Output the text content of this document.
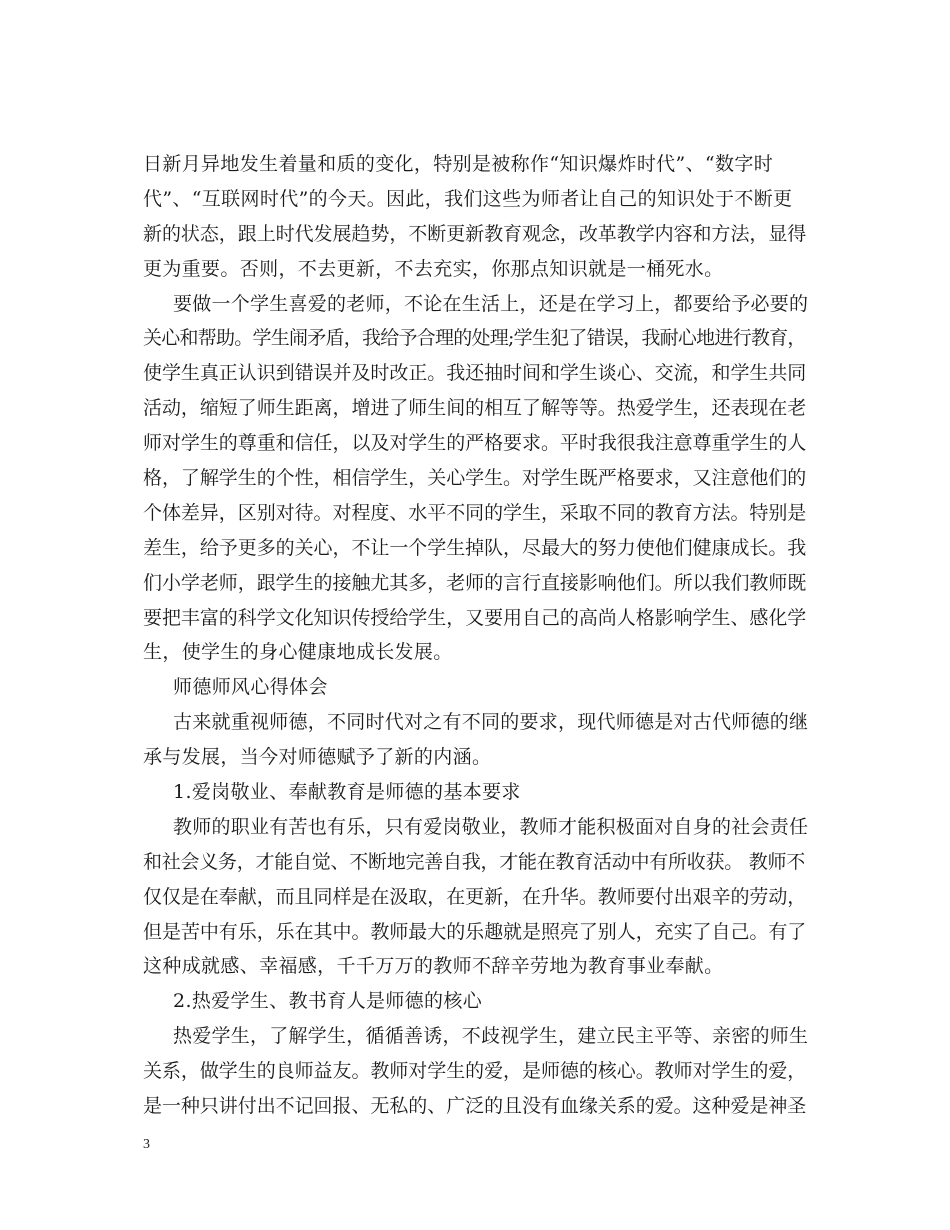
日新月异地发生着量和质的变化，特别是被称作“知识爆炸时代”、“数字时
代”、“互联网时代”的今天。因此，我们这些为师者让自己的知识处于不断更
新的状态，跟上时代发展趋势，不断更新教育观念，改革教学内容和方法，显得
更为重要。否则，不去更新，不去充实，你那点知识就是一桶死水。
要做一个学生喜爱的老师，不论在生活上，还是在学习上，都要给予必要的
关心和帮助。学生闹矛盾，我给予合理的处理;学生犯了错误，我耐心地进行教育，
使学生真正认识到错误并及时改正。我还抽时间和学生谈心、交流，和学生共同
活动，缩短了师生距离，增进了师生间的相互了解等等。热爱学生，还表现在老
师对学生的尊重和信任，以及对学生的严格要求。平时我很我注意尊重学生的人
格，了解学生的个性，相信学生，关心学生。对学生既严格要求，又注意他们的
个体差异，区别对待。对程度、水平不同的学生，采取不同的教育方法。特别是
差生，给予更多的关心，不让一个学生掉队，尽最大的努力使他们健康成长。我
们小学老师，跟学生的接触尤其多，老师的言行直接影响他们。所以我们教师既
要把丰富的科学文化知识传授给学生，又要用自己的高尚人格影响学生、感化学
生，使学生的身心健康地成长发展。
师德师风心得体会
古来就重视师德，不同时代对之有不同的要求，现代师德是对古代师德的继
承与发展，当今对师德赋予了新的内涵。
1.爱岗敬业、奉献教育是师德的基本要求
教师的职业有苦也有乐，只有爱岗敬业，教师才能积极面对自身的社会责任
和社会义务，才能自觉、不断地完善自我，才能在教育活动中有所收获。 教师不
仅仅是在奉献，而且同样是在汲取，在更新，在升华。教师要付出艰辛的劳动，
但是苦中有乐，乐在其中。教师最大的乐趣就是照亮了别人，充实了自己。有了
这种成就感、幸福感，千千万万的教师不辞辛劳地为教育事业奉献。
2.热爱学生、教书育人是师德的核心
热爱学生，了解学生，循循善诱，不歧视学生，建立民主平等、亲密的师生
关系，做学生的良师益友。教师对学生的爱，是师德的核心。教师对学生的爱，
是一种只讲付出不记回报、无私的、广泛的且没有血缘关系的爱。这种爱是神圣
3
